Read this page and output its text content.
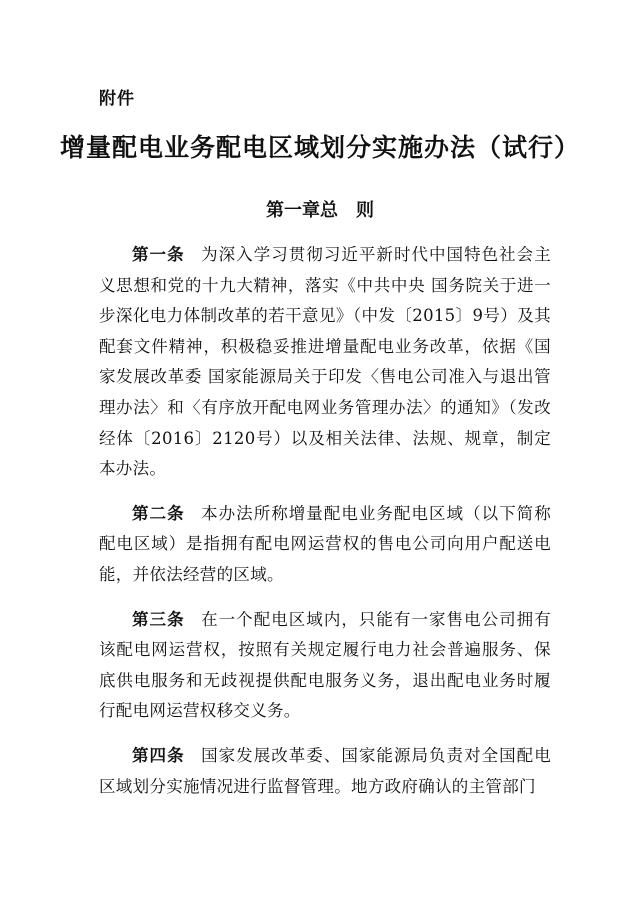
附件
增量配电业务配电区域划分实施办法（试行）
第一章总　则

第一条 为深入学习贯彻习近平新时代中国特色社会主义思想和党的十九大精神，落实《中共中央 国务院关于进一步深化电力体制改革的若干意见》（中发〔2015〕9号）及其配套文件精神，积极稳妥推进增量配电业务改革，依据《国家发展改革委 国家能源局关于印发〈售电公司准入与退出管理办法〉和〈有序放开配电网业务管理办法〉的通知》（发改经体〔2016〕2120号）以及相关法律、法规、规章，制定本办法。

第二条 本办法所称增量配电业务配电区域（以下简称配电区域）是指拥有配电网运营权的售电公司向用户配送电能，并依法经营的区域。

第三条 在一个配电区域内，只能有一家售电公司拥有该配电网运营权，按照有关规定履行电力社会普遍服务、保底供电服务和无歧视提供配电服务义务，退出配电业务时履行配电网运营权移交义务。

第四条 国家发展改革委、国家能源局负责对全国配电区域划分实施情况进行监督管理。地方政府确认的主管部门
